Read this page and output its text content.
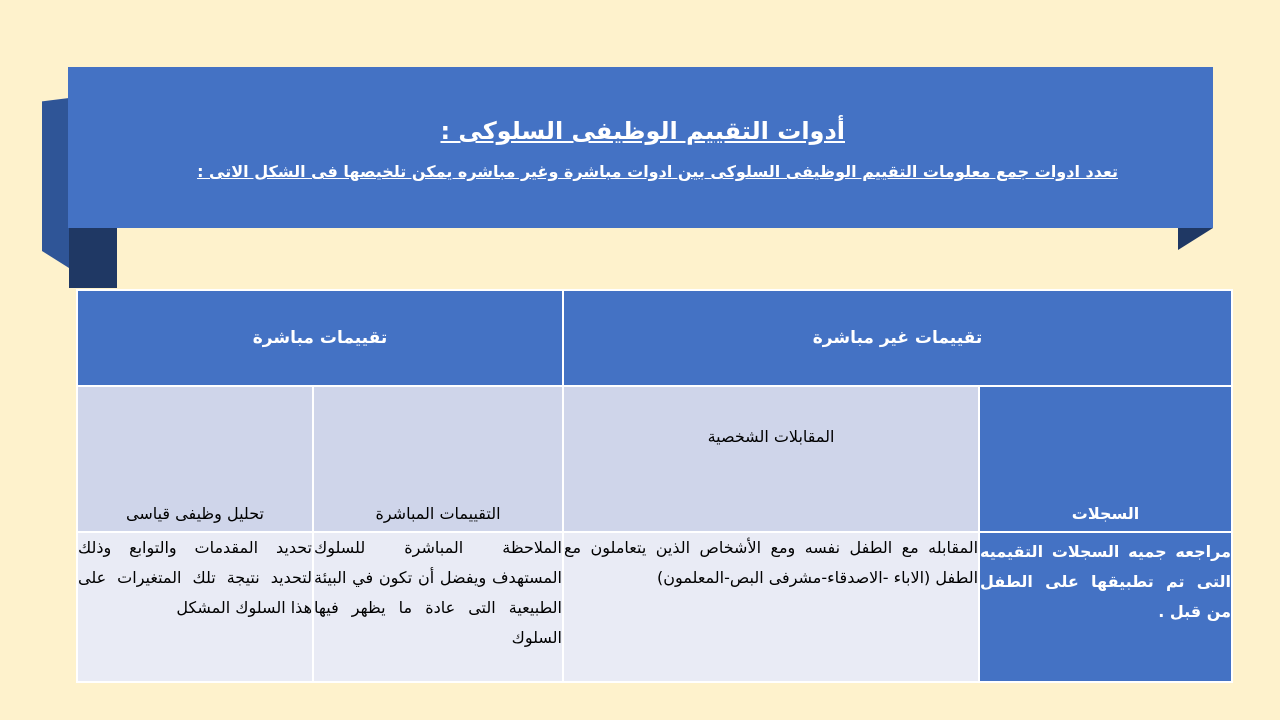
أدوات التقييم الوظيفى السلوكى :
تعدد ادوات جمع معلومات التقييم الوظيفى السلوكى بين ادوات مباشرة وغير مباشره يمكن تلخيصها فى الشكل الاتى :
تقييمات غير مباشرة		تقييمات مباشرة	
السجلات	المقابلات الشخصية	التقييمات المباشرة	تحليل وظيفى قياسى
مراجعه جميه السجلات التقيميه التى تم تطبيقها على الطفل من قبل .	المقابله مع الطفل نفسه ومع الأشخاص الذين يتعاملون مع الطفل (الاباء -الاصدقاء-مشرفى البص-المعلمون)	الملاحظة المباشرة للسلوك المستهدف ويفضل أن تكون في البيئة الطبيعية التى عادة ما يظهر فيها السلوك	تحديد المقدمات والتوابع وذلك لتحديد نتيجة تلك المتغيرات على هذا السلوك المشكل
